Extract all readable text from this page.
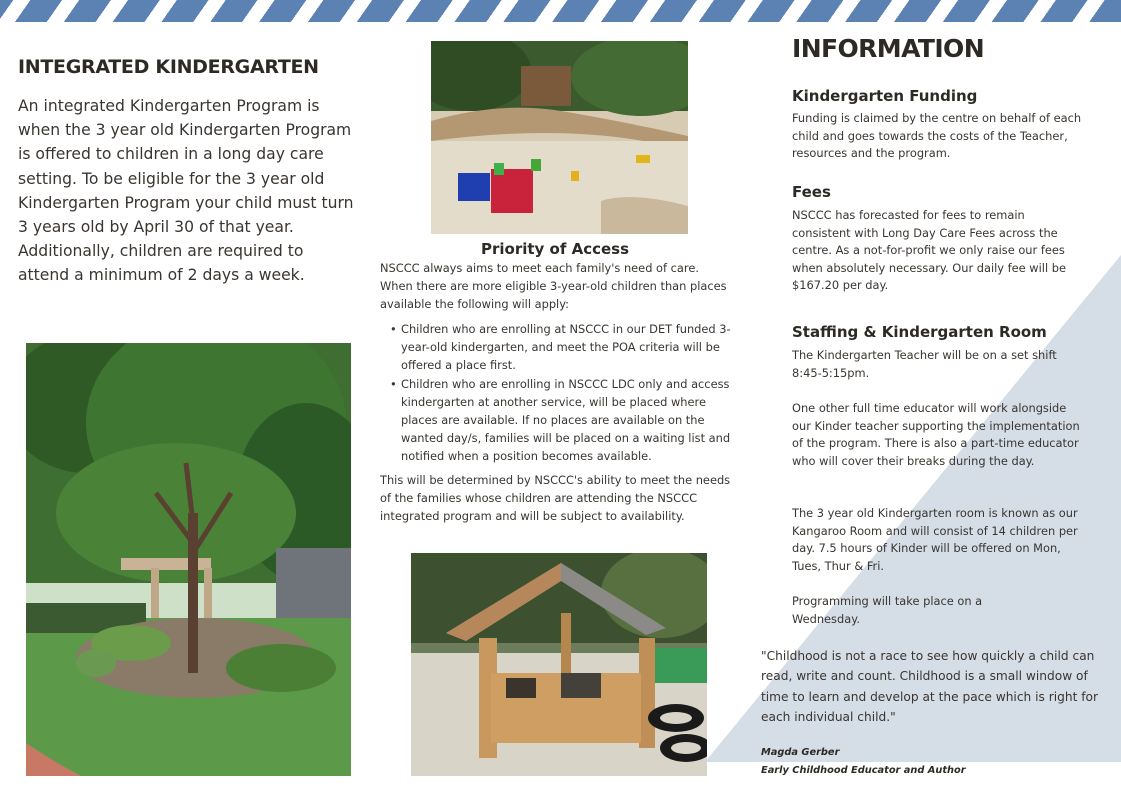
INTEGRATED KINDERGARTEN
An integrated Kindergarten Program is when the 3 year old Kindergarten Program is offered to children in a long day care setting. To be eligible for the 3 year old Kindergarten Program your child must turn 3 years old by April 30 of that year. Additionally, children are required to attend a minimum of 2 days a week.
Priority of Access
NSCCC always aims to meet each family's need of care. When there are more eligible 3-year-old children than places available the following will apply:
• Children who are enrolling at NSCCC in our DET funded 3-year-old kindergarten, and meet the POA criteria will be offered a place first.
• Children who are enrolling in NSCCC LDC only and access kindergarten at another service, will be placed where places are available. If no places are available on the wanted day/s, families will be placed on a waiting list and notified when a position becomes available.
This will be determined by NSCCC's ability to meet the needs of the families whose children are attending the NSCCC integrated program and will be subject to availability.
INFORMATION
Kindergarten Funding
Funding is claimed by the centre on behalf of each child and goes towards the costs of the Teacher, resources and the program.
Fees
NSCCC has forecasted for fees to remain consistent with Long Day Care Fees across the centre. As a not-for-profit we only raise our fees when absolutely necessary. Our daily fee will be $167.20 per day.
Staffing & Kindergarten Room
The Kindergarten Teacher will be on a set shift 8:45-5:15pm.
One other full time educator will work alongside our Kinder teacher supporting the implementation of the program. There is also a part-time educator who will cover their breaks during the day.
The 3 year old Kindergarten room is known as our Kangaroo Room and will consist of 14 children per day. 7.5 hours of Kinder will be offered on Mon, Tues, Thur & Fri.
Programming will take place on a Wednesday.
"Childhood is not a race to see how quickly a child can read, write and count. Childhood is a small window of time to learn and develop at the pace which is right for each individual child."
Magda Gerber
Early Childhood Educator and Author
